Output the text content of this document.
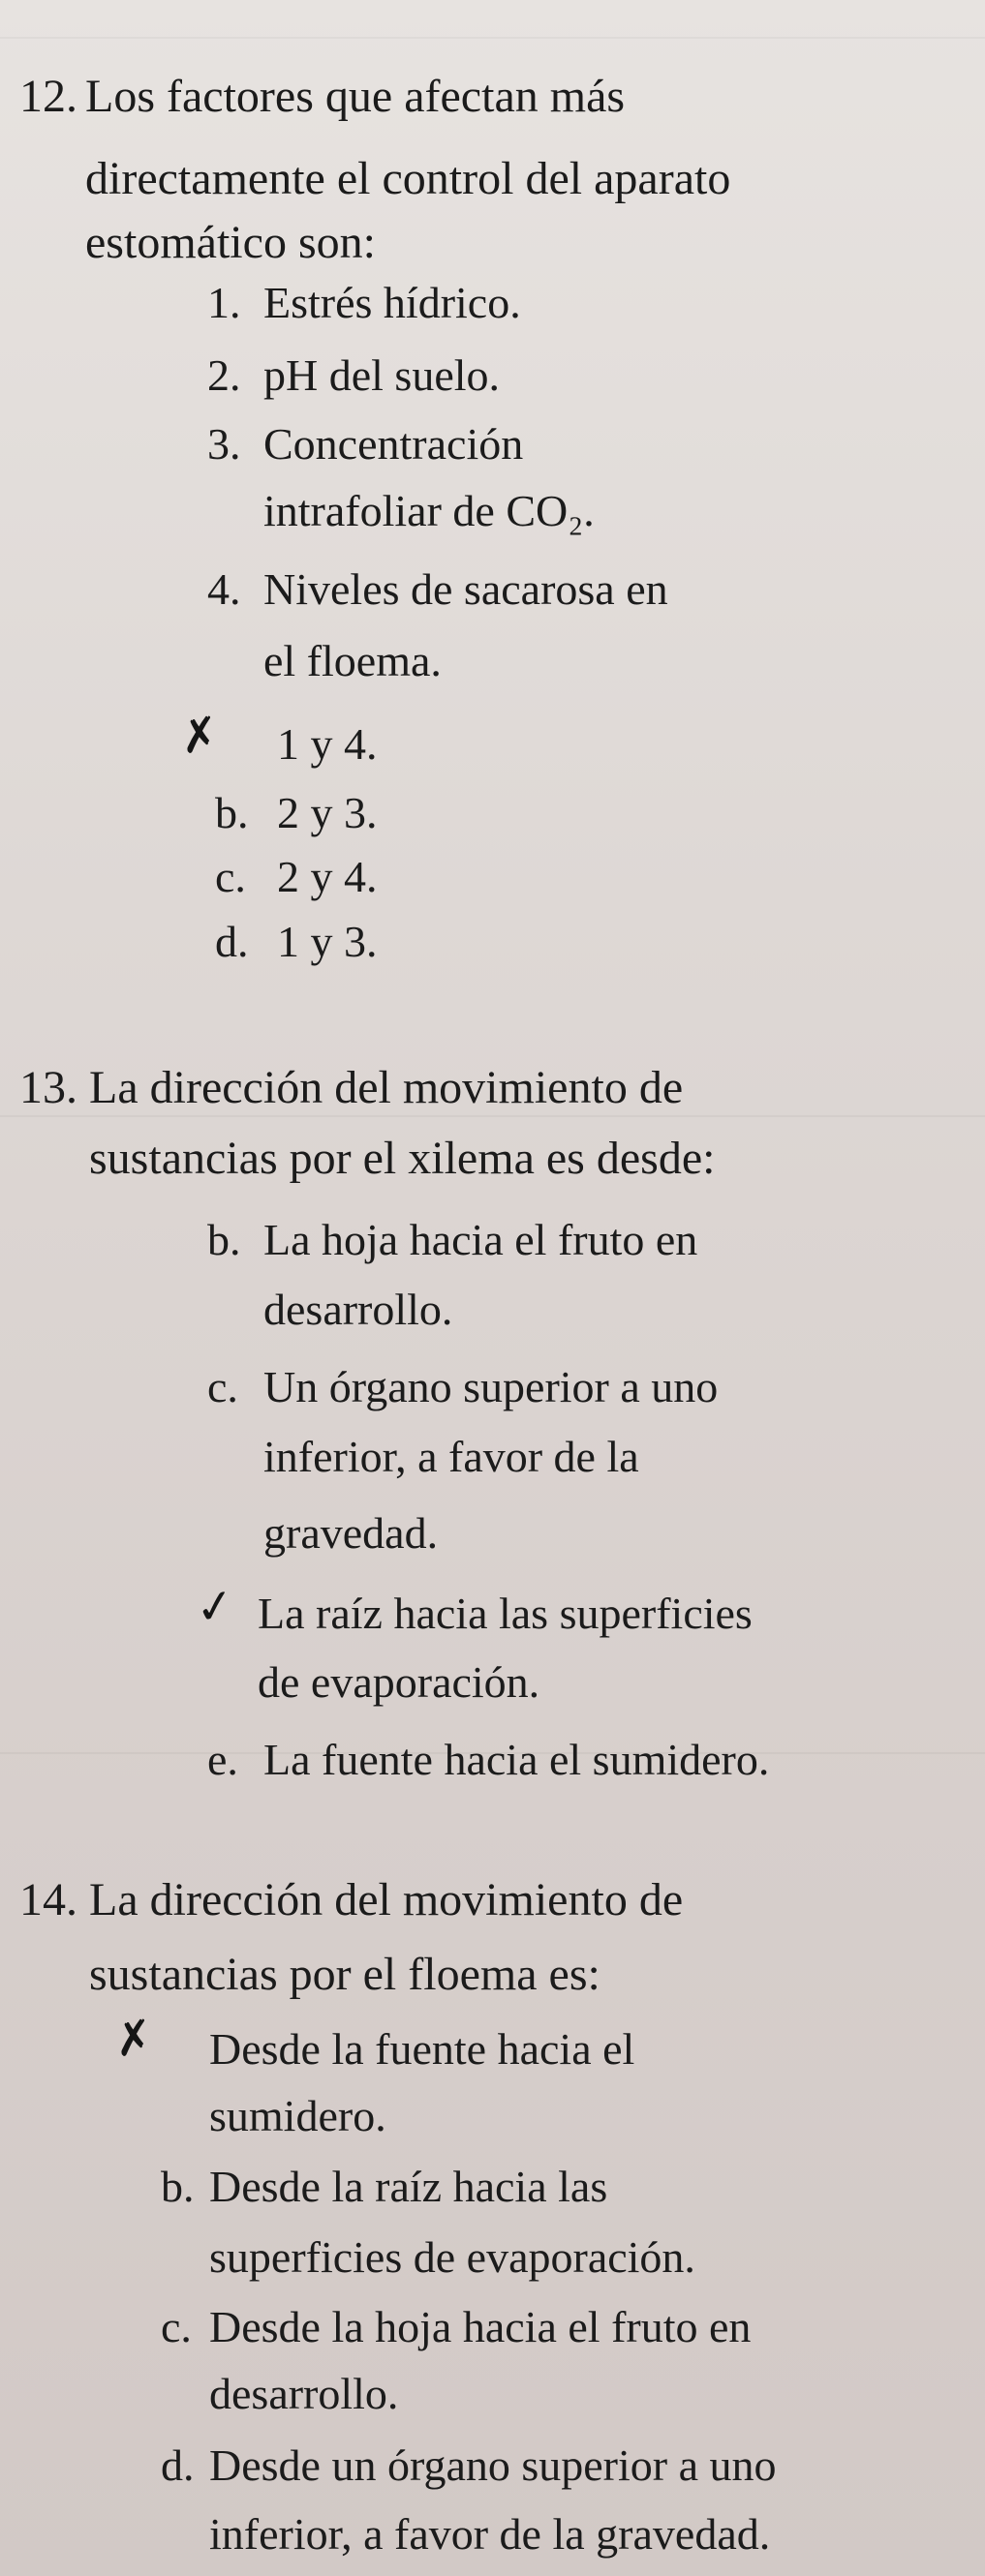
12. Los factores que afectan más
directamente el control del aparato
estomático son:
1. Estrés hídrico.
2. pH del suelo.
3. Concentración
intrafoliar de CO₂.
4. Niveles de sacarosa en
el floema.
✗ 1 y 4.
b. 2 y 3.
c. 2 y 4.
d. 1 y 3.
13. La dirección del movimiento de
sustancias por el xilema es desde:
b. La hoja hacia el fruto en
desarrollo.
c. Un órgano superior a uno
inferior, a favor de la
gravedad.
✓ La raíz hacia las superficies
de evaporación.
e. La fuente hacia el sumidero.
14. La dirección del movimiento de
sustancias por el floema es:
✗ Desde la fuente hacia el
sumidero.
b. Desde la raíz hacia las
superficies de evaporación.
c. Desde la hoja hacia el fruto en
desarrollo.
d. Desde un órgano superior a uno
inferior, a favor de la gravedad.
